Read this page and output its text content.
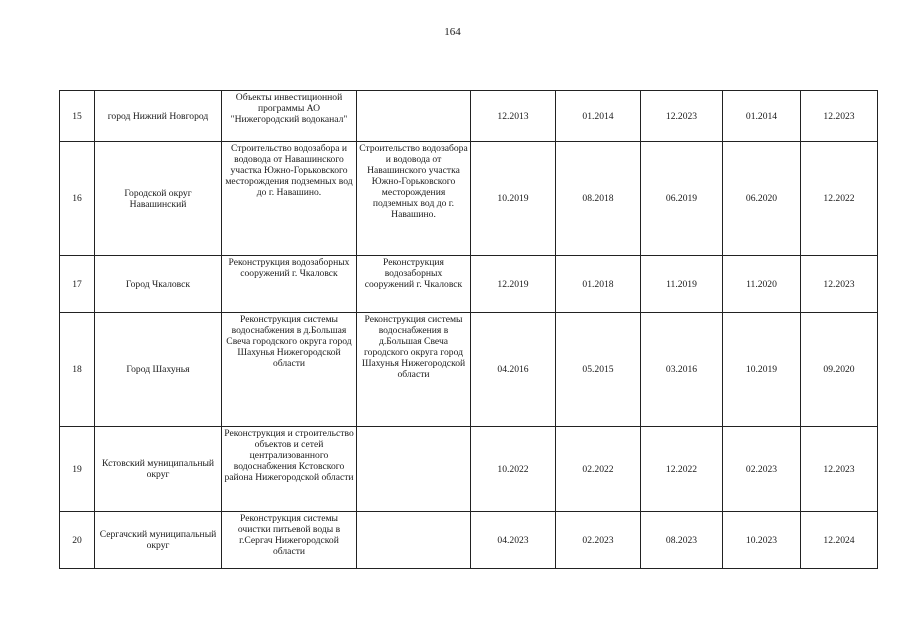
164
15	город Нижний Новгород	Объекты инвестиционной программы АО "Нижегородский водоканал"		12.2013	01.2014	12.2023	01.2014	12.2023
16	Городской округ Навашинский	Строительство водозабора и водовода от Навашинского участка Южно-Горьковского месторождения подземных вод до г. Навашино.	Строительство водозабора и водовода от Навашинского участка Южно-Горьковского месторождения подземных вод до г. Навашино.	10.2019	08.2018	06.2019	06.2020	12.2022
17	Город Чкаловск	Реконструкция водозаборных сооружений г. Чкаловск	Реконструкция водозаборных сооружений г. Чкаловск	12.2019	01.2018	11.2019	11.2020	12.2023
18	Город Шахунья	Реконструкция системы водоснабжения в д.Большая Свеча городского округа город Шахунья Нижегородской области	Реконструкция системы водоснабжения в д.Большая Свеча городского округа город Шахунья Нижегородской области	04.2016	05.2015	03.2016	10.2019	09.2020
19	Кстовский муниципальный округ	Реконструкция и строительство объектов и сетей централизованного водоснабжения Кстовского района Нижегородской области		10.2022	02.2022	12.2022	02.2023	12.2023
20	Сергачский муниципальный округ	Реконструкция системы очистки питьевой воды в г.Сергач Нижегородской области		04.2023	02.2023	08.2023	10.2023	12.2024
